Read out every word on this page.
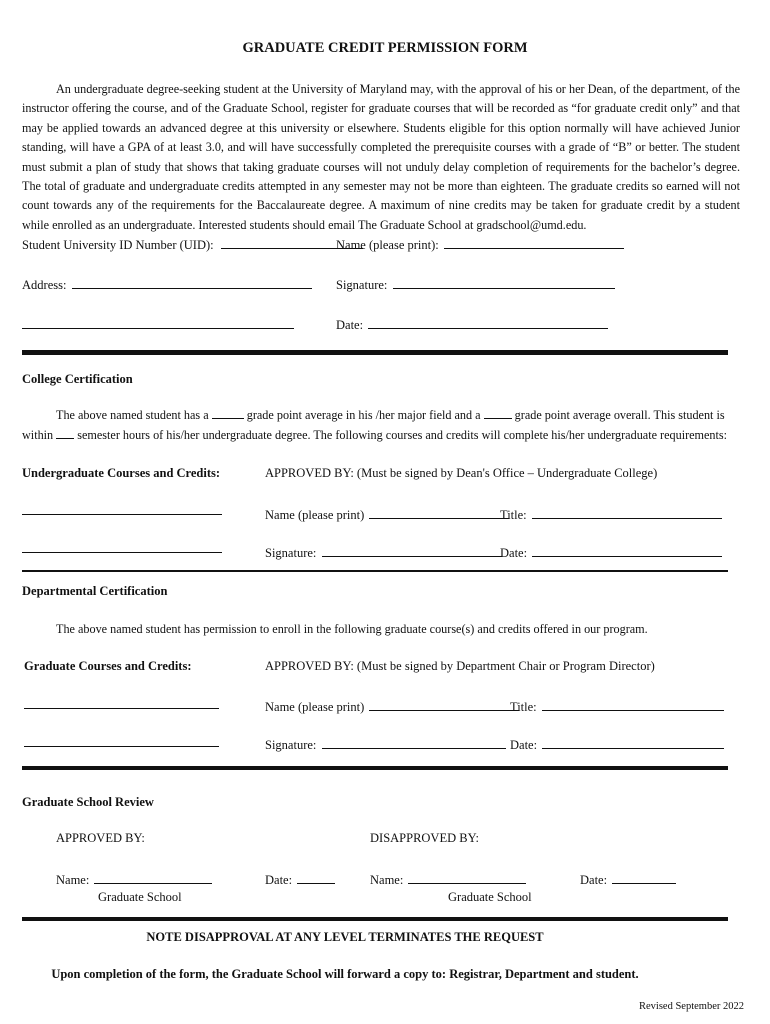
GRADUATE CREDIT PERMISSION FORM
An undergraduate degree-seeking student at the University of Maryland may, with the approval of his or her Dean, of the department, of the instructor offering the course, and of the Graduate School, register for graduate courses that will be recorded as “for graduate credit only” and that may be applied towards an advanced degree at this university or elsewhere. Students eligible for this option normally will have achieved Junior standing, will have a GPA of at least 3.0, and will have successfully completed the prerequisite courses with a grade of “B” or better. The student must submit a plan of study that shows that taking graduate courses will not unduly delay completion of requirements for the bachelor’s degree. The total of graduate and undergraduate credits attempted in any semester may not be more than eighteen. The graduate credits so earned will not count towards any of the requirements for the Baccalaureate degree. A maximum of nine credits may be taken for graduate credit by a student while enrolled as an undergraduate. Interested students should email The Graduate School at gradschool@umd.edu.
Student University ID Number (UID):	Name (please print):
Address:	Signature:
Date:
College Certification
The above named student has a	grade point average in his /her major field and a	grade point average overall. This student is within semester hours of his/her undergraduate degree. The following courses and credits will complete his/her undergraduate requirements:
Undergraduate Courses and Credits:	APPROVED BY: (Must be signed by Dean's Office – Undergraduate College)
Name (please print)	Title:
Signature:	Date:
Departmental Certification
The above named student has permission to enroll in the following graduate course(s) and credits offered in our program.
Graduate Courses and Credits:	APPROVED BY: (Must be signed by Department Chair or Program Director)
Name (please print)	Title:
Signature:	Date:
Graduate School Review
APPROVED BY:	DISAPPROVED BY:
Name:	Date:	Name:	Date:
Graduate School	Graduate School
NOTE DISAPPROVAL AT ANY LEVEL TERMINATES THE REQUEST
Upon completion of the form, the Graduate School will forward a copy to: Registrar, Department and student.
Revised September 2022
